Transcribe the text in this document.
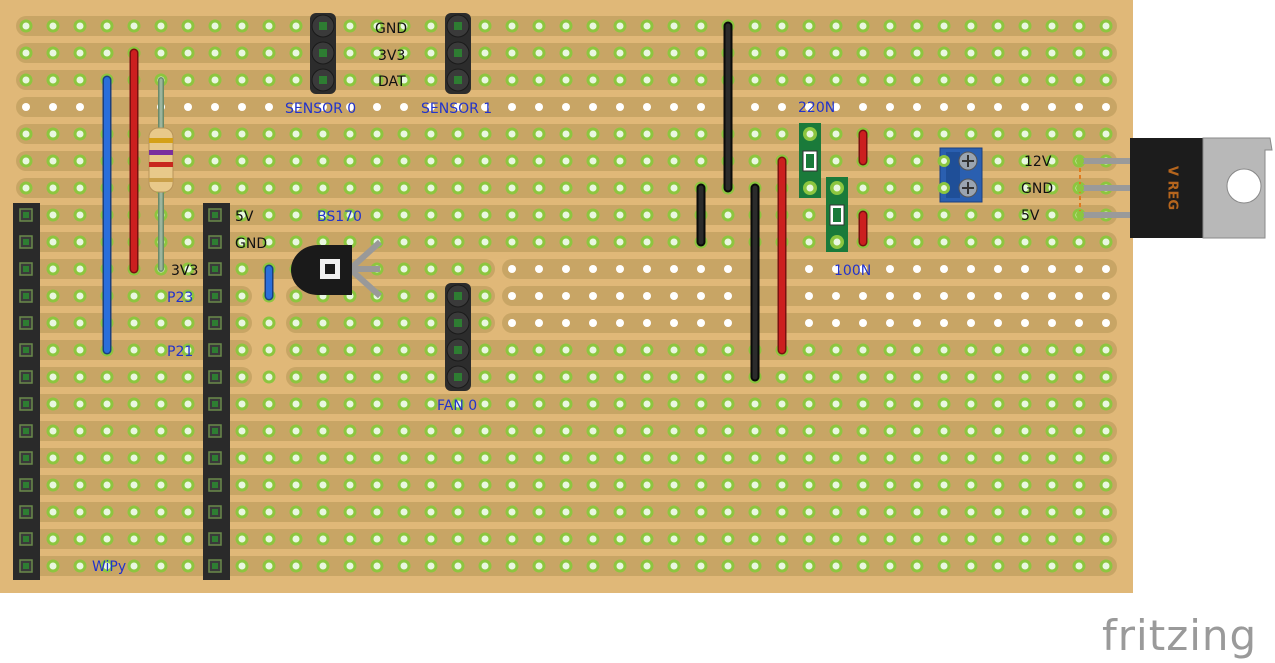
V REG
GND
3V3
DAT
SENSOR 0	SENSOR 1	220N
100N
BS170
FAN 0
WiPy
5V
GND
3V3
P23
P21
12V
GND
5V
fritzing
